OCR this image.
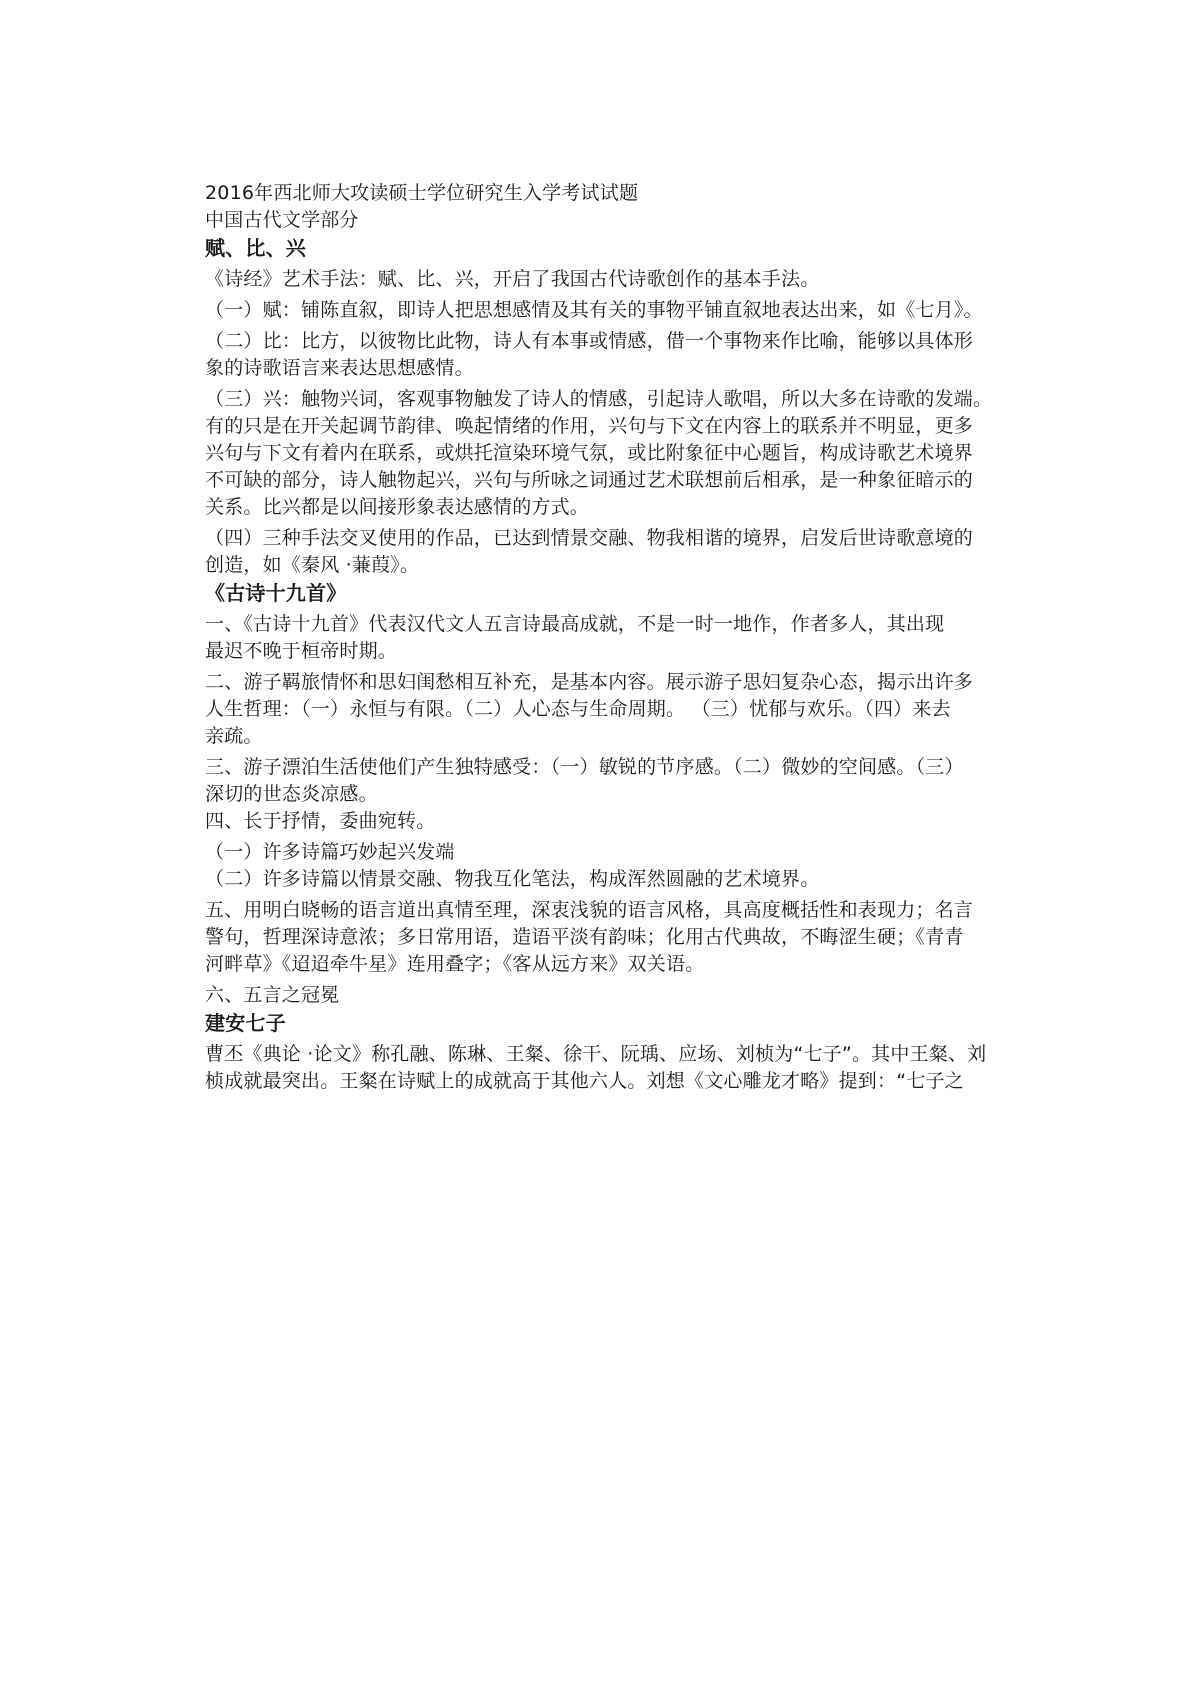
2016年西北师大攻读硕士学位研究生入学考试试题
中国古代文学部分
赋、比、兴
《诗经》艺术手法：赋、比、兴，开启了我国古代诗歌创作的基本手法。
（一）赋：铺陈直叙，即诗人把思想感情及其有关的事物平铺直叙地表达出来，如《七月》。
（二）比：比方，以彼物比此物，诗人有本事或情感，借一个事物来作比喻，能够以具体形
象的诗歌语言来表达思想感情。
（三）兴：触物兴词，客观事物触发了诗人的情感，引起诗人歌唱，所以大多在诗歌的发端。
有的只是在开关起调节韵律、唤起情绪的作用，兴句与下文在内容上的联系并不明显，更多
兴句与下文有着内在联系，或烘托渲染环境气氛，或比附象征中心题旨，构成诗歌艺术境界
不可缺的部分，诗人触物起兴，兴句与所咏之词通过艺术联想前后相承，是一种象征暗示的
关系。比兴都是以间接形象表达感情的方式。
（四）三种手法交叉使用的作品，已达到情景交融、物我相谐的境界，启发后世诗歌意境的
创造，如《秦风 ·蒹葭》。
《古诗十九首》
一、《古诗十九首》代表汉代文人五言诗最高成就，不是一时一地作，作者多人，其出现
最迟不晚于桓帝时期。
二、游子羁旅情怀和思妇闺愁相互补充，是基本内容。展示游子思妇复杂心态，揭示出许多
人生哲理：（一）永恒与有限。（二）人心态与生命周期。 （三）忧郁与欢乐。（四）来去
亲疏。
三、游子漂泊生活使他们产生独特感受：（一）敏锐的节序感。（二）微妙的空间感。（三）
深切的世态炎凉感。
四、长于抒情，委曲宛转。
（一）许多诗篇巧妙起兴发端
（二）许多诗篇以情景交融、物我互化笔法，构成浑然圆融的艺术境界。
五、用明白晓畅的语言道出真情至理，深衷浅貌的语言风格，具高度概括性和表现力；名言
警句，哲理深诗意浓；多日常用语，造语平淡有韵味；化用古代典故，不晦涩生硬；《青青
河畔草》《迢迢牵牛星》连用叠字；《客从远方来》双关语。
六、五言之冠冕
建安七子
曹丕《典论 ·论文》称孔融、陈琳、王粲、徐干、阮瑀、应场、刘桢为“七子”。其中王粲、刘
桢成就最突出。王粲在诗赋上的成就高于其他六人。刘想《文心雕龙才略》提到：“七子之
